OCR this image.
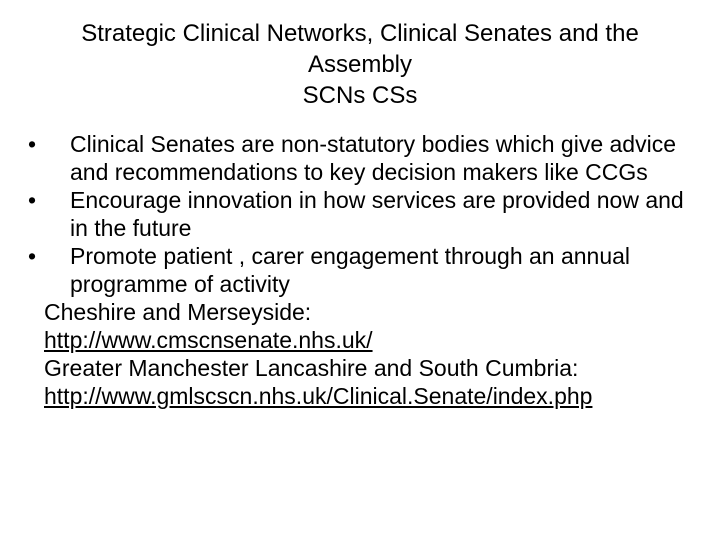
Strategic Clinical Networks, Clinical Senates and the
Assembly
SCNs CSs
•	Clinical Senates are non-statutory bodies which give advice and recommendations to key decision makers like CCGs
•	Encourage innovation in how services are provided now and in the future
•	Promote patient , carer engagement through an annual programme of activity
Cheshire and Merseyside:
http://www.cmscnsenate.nhs.uk/
Greater Manchester Lancashire and South Cumbria:
http://www.gmlscscn.nhs.uk/Clinical.Senate/index.php
